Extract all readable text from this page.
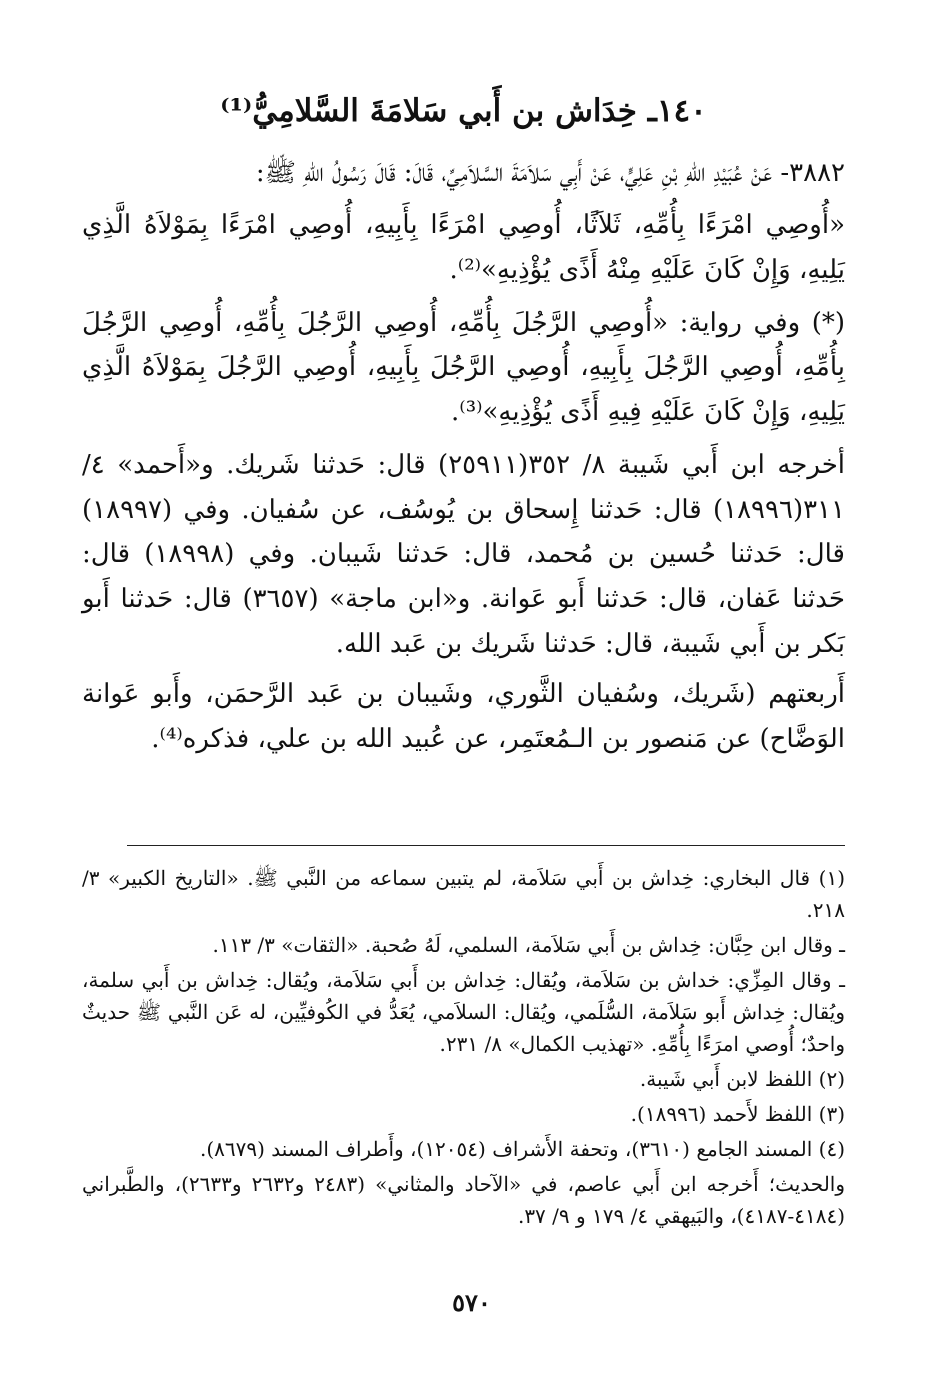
١٤٠ـ خِدَاش بن أَبي سَلامَةَ السَّلامِيُّ⁽¹⁾
٣٨٨٢- عَنْ عُبَيْدِ اللهِ بْنِ عَلِيٍّ، عَنْ أَبِي سَلاَمَةَ السَّلاَمِيِّ، قَالَ: قَالَ رَسُولُ اللهِ ﷺ:
«أُوصِي امْرَءًا بِأُمِّهِ، ثَلاَثًا، أُوصِي امْرَءًا بِأَبِيهِ، أُوصِي امْرَءًا بِمَوْلاَهُ الَّذِي يَلِيهِ، وَإِنْ كَانَ عَلَيْهِ مِنْهُ أَذًى يُؤْذِيهِ»⁽²⁾.
(*) وفي رواية: «أُوصِي الرَّجُلَ بِأُمِّهِ، أُوصِي الرَّجُلَ بِأُمِّهِ، أُوصِي الرَّجُلَ بِأُمِّهِ، أُوصِي الرَّجُلَ بِأَبِيهِ، أُوصِي الرَّجُلَ بِأَبِيهِ، أُوصِي الرَّجُلَ بِمَوْلاَهُ الَّذِي يَلِيهِ، وَإِنْ كَانَ عَلَيْهِ فِيهِ أَذًى يُؤْذِيهِ»⁽³⁾.
أخرجه ابن أَبي شَيبة ٨/ ٣٥٢(٢٥٩١١) قال: حَدثنا شَريك. و«أَحمد» ٤/ ٣١١(١٨٩٩٦) قال: حَدثنا إِسحاق بن يُوسُف، عن سُفيان. وفي (١٨٩٩٧) قال: حَدثنا حُسين بن مُحمد، قال: حَدثنا شَيبان. وفي (١٨٩٩٨) قال: حَدثنا عَفان، قال: حَدثنا أَبو عَوانة. و«ابن ماجة» (٣٦٥٧) قال: حَدثنا أَبو بَكر بن أَبي شَيبة، قال: حَدثنا شَريك بن عَبد الله.
أَربعتهم (شَريك، وسُفيان الثَّوري، وشَيبان بن عَبد الرَّحمَن، وأَبو عَوانة الوَضَّاح) عن مَنصور بن الـمُعتَمِر، عن عُبيد الله بن علي، فذكره⁽⁴⁾.
(١) قال البخاري: خِداش بن أَبي سَلاَمة، لم يتبين سماعه من النَّبي ﷺ. «التاريخ الكبير» ٣/ ٢١٨.
ـ وقال ابن حِبَّان: خِداش بن أَبي سَلاَمة، السلمي، لَهُ صُحبة. «الثقات» ٣/ ١١٣.
ـ وقال المِزِّي: خداش بن سَلاَمة، ويُقال: خِداش بن أَبي سَلاَمة، ويُقال: خِداش بن أَبي سلمة، ويُقال: خِداش أَبو سَلاَمة، السُّلَمي، ويُقال: السلاَمي، يُعَدُّ في الكُوفيِّين، له عَن النَّبي ﷺ حديثٌ واحدٌ؛ أُوصي امرَءًا بِأُمِّهِ. «تهذيب الكمال» ٨/ ٢٣١.
(٢) اللفظ لابن أَبي شَيبة.
(٣) اللفظ لأَحمد (١٨٩٩٦).
(٤) المسند الجامع (٣٦١٠)، وتحفة الأَشراف (١٢٠٥٤)، وأَطراف المسند (٨٦٧٩).
والحديث؛ أَخرجه ابن أَبي عاصم، في «الآحاد والمثاني» (٢٤٨٣ و٢٦٣٢ و٢٦٣٣)، والطَّبراني (٤١٨٤-٤١٨٧)، والبَيهقي ٤/ ١٧٩ و ٩/ ٣٧.
٥٧٠
